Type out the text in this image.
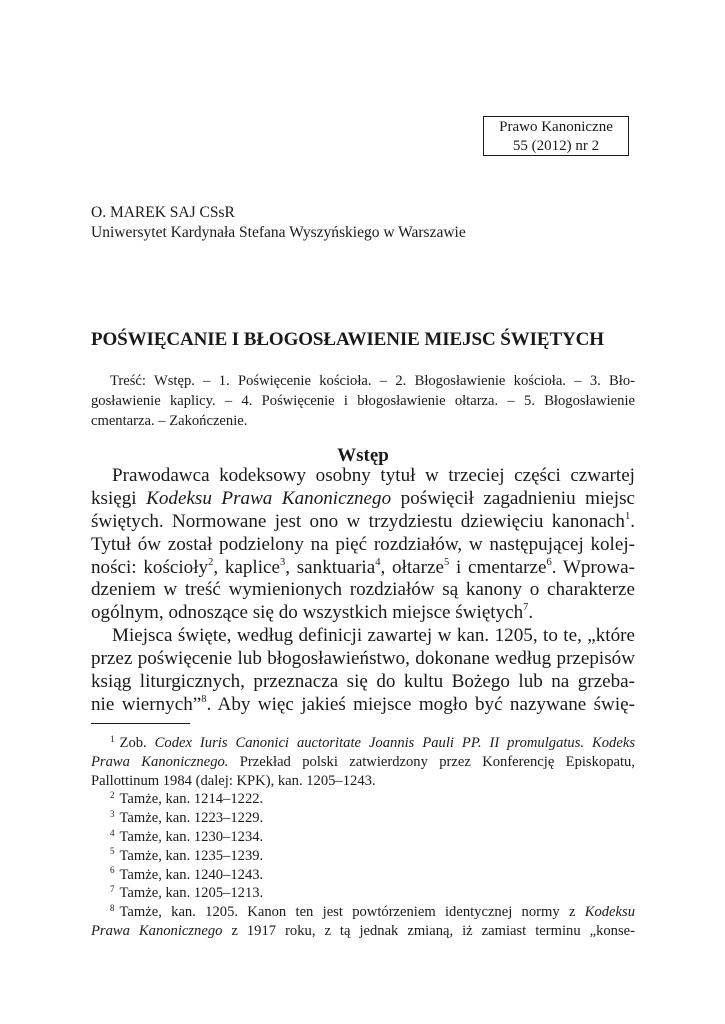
Prawo Kanoniczne
55 (2012) nr 2
O. MAREK SAJ CSsR
Uniwersytet Kardynała Stefana Wyszyńskiego w Warszawie
POŚWIĘCANIE I BŁOGOSŁAWIENIE MIEJSC ŚWIĘTYCH
Treść: Wstęp. – 1. Poświęcenie kościoła. – 2. Błogosławienie kościoła. – 3. Bło-
gosławienie kaplicy. – 4. Poświęcenie i błogosławienie ołtarza. – 5. Błogosławienie
cmentarza. – Zakończenie.
Wstęp
Prawodawca kodeksowy osobny tytuł w trzeciej części czwartej
księgi Kodeksu Prawa Kanonicznego poświęcił zagadnieniu miejsc
świętych. Normowane jest ono w trzydziestu dziewięciu kanonach$^1$.
Tytuł ów został podzielony na pięć rozdziałów, w następującej kolej-
ności: kościoły$^2$, kaplice$^3$, sanktuaria$^4$, ołtarze$^5$ i cmentarze$^6$. Wprowa-
dzeniem w treść wymienionych rozdziałów są kanony o charakterze
ogólnym, odnoszące się do wszystkich miejsce świętych$^7$.
Miejsca święte, według definicji zawartej w kan. 1205, to te, „które
przez poświęcenie lub błogosławieństwo, dokonane według przepisów
ksiąg liturgicznych, przeznacza się do kultu Bożego lub na grzeba-
nie wiernych”$^8$. Aby więc jakieś miejsce mogło być nazywane świę-
$^1$ Zob. Codex Iuris Canonici auctoritate Joannis Pauli PP. II promulgatus. Kodeks
Prawa Kanonicznego. Przekład polski zatwierdzony przez Konferencję Episkopatu,
Pallottinum 1984 (dalej: KPK), kan. 1205–1243.
$^2$ Tamże, kan. 1214–1222.
$^3$ Tamże, kan. 1223–1229.
$^4$ Tamże, kan. 1230–1234.
$^5$ Tamże, kan. 1235–1239.
$^6$ Tamże, kan. 1240–1243.
$^7$ Tamże, kan. 1205–1213.
$^8$ Tamże, kan. 1205. Kanon ten jest powtórzeniem identycznej normy z Kodeksu
Prawa Kanonicznego z 1917 roku, z tą jednak zmianą, iż zamiast terminu „konse-
